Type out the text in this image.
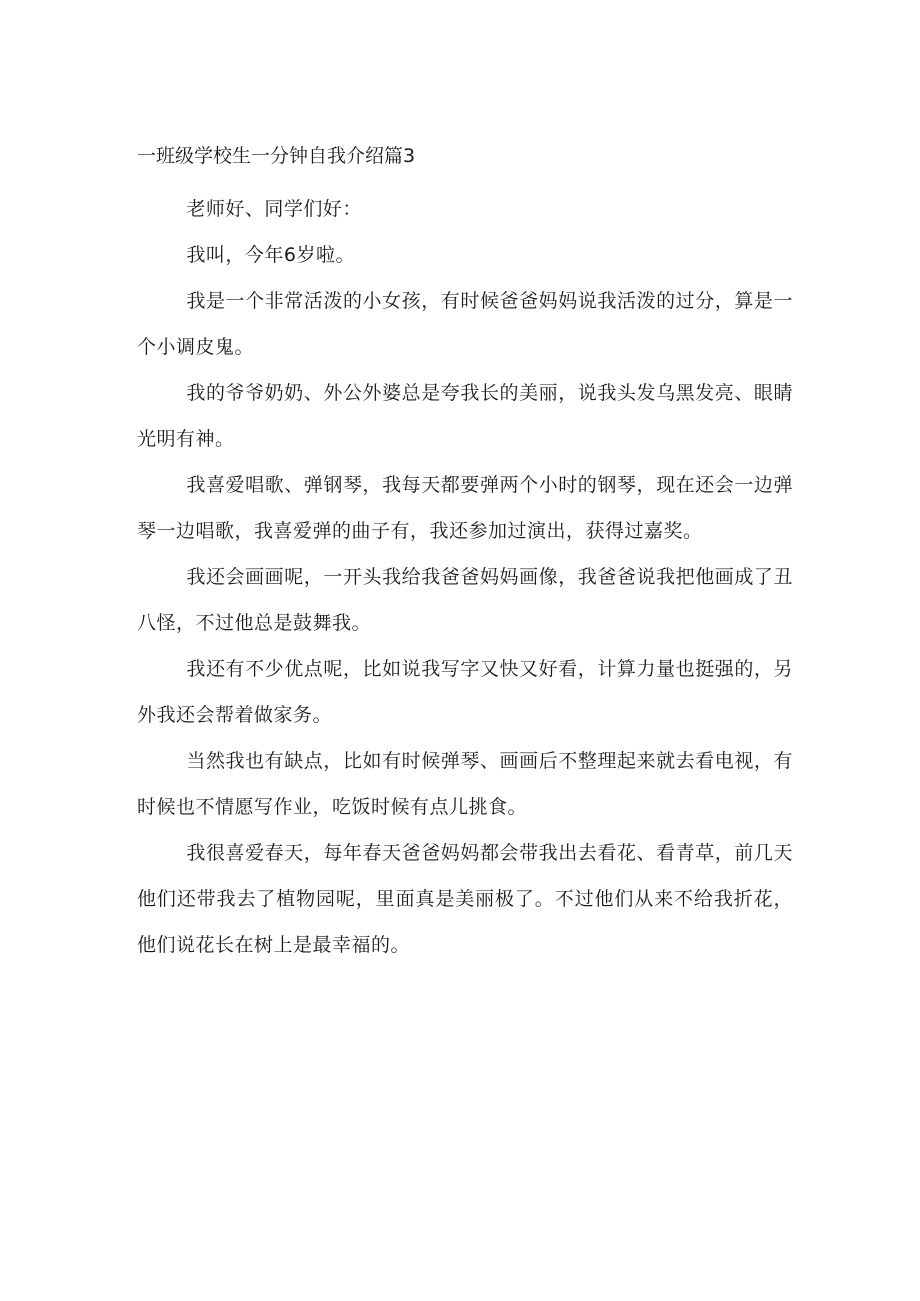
一班级学校生一分钟自我介绍篇3

老师好、同学们好：

我叫，今年6岁啦。

我是一个非常活泼的小女孩，有时候爸爸妈妈说我活泼的过分，算是一个小调皮鬼。

我的爷爷奶奶、外公外婆总是夸我长的美丽，说我头发乌黑发亮、眼睛光明有神。

我喜爱唱歌、弹钢琴，我每天都要弹两个小时的钢琴，现在还会一边弹琴一边唱歌，我喜爱弹的曲子有，我还参加过演出，获得过嘉奖。

我还会画画呢，一开头我给我爸爸妈妈画像，我爸爸说我把他画成了丑八怪，不过他总是鼓舞我。

我还有不少优点呢，比如说我写字又快又好看，计算力量也挺强的，另外我还会帮着做家务。

当然我也有缺点，比如有时候弹琴、画画后不整理起来就去看电视，有时候也不情愿写作业，吃饭时候有点儿挑食。

我很喜爱春天，每年春天爸爸妈妈都会带我出去看花、看青草，前几天他们还带我去了植物园呢，里面真是美丽极了。不过他们从来不给我折花，他们说花长在树上是最幸福的。
